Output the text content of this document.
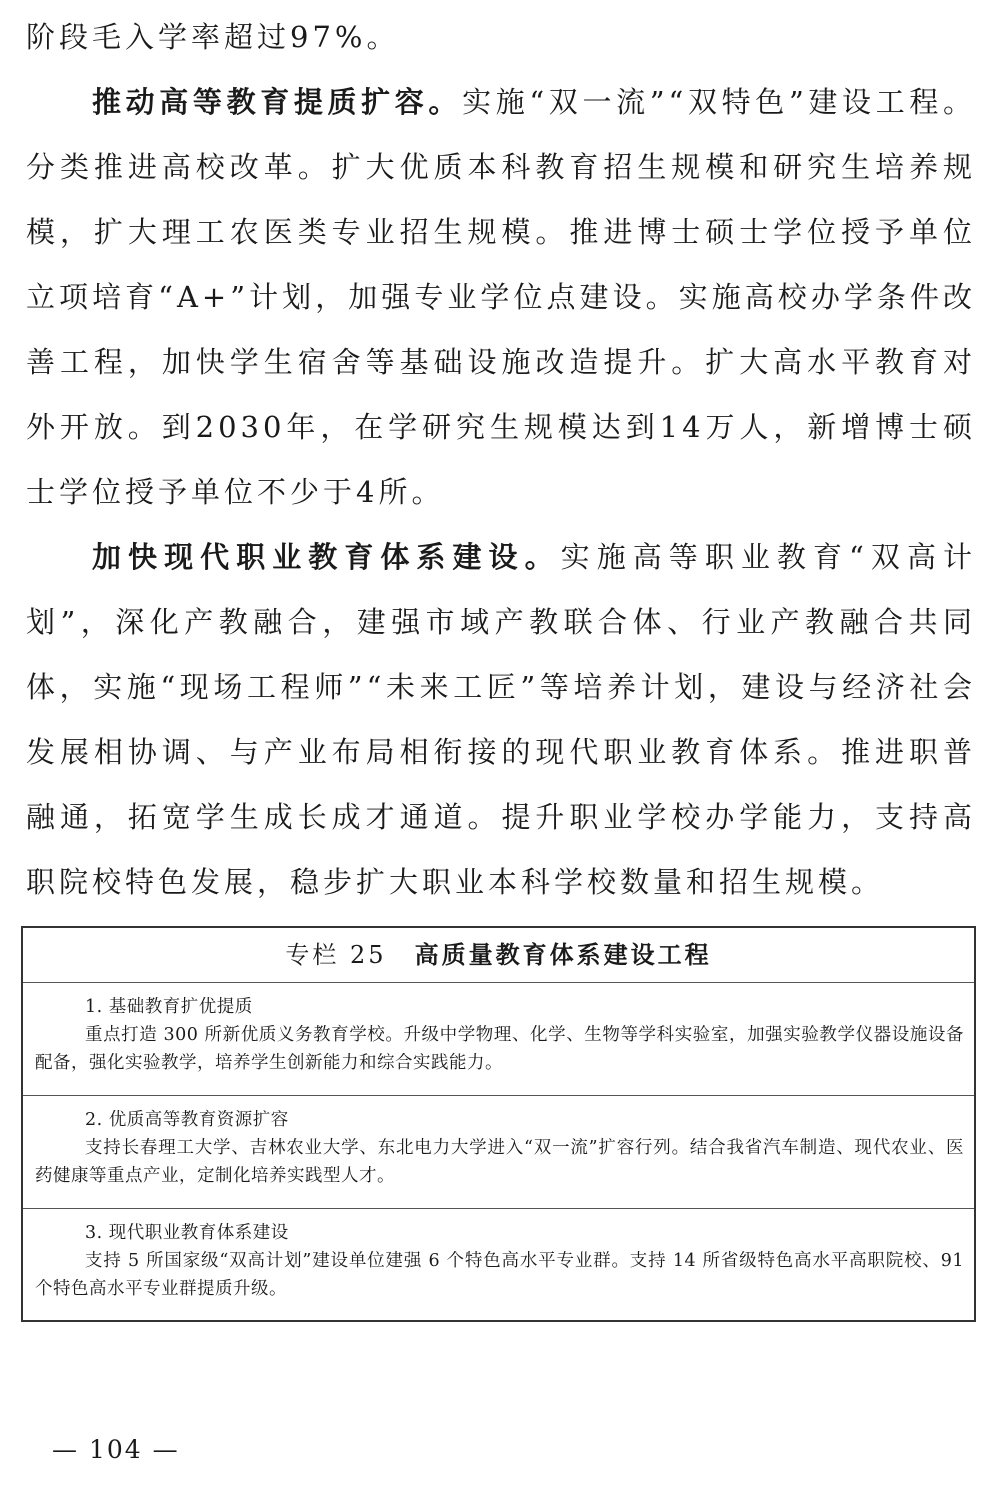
阶段毛入学率超过97%。

推动高等教育提质扩容。实施“双一流”“双特色”建设工程。分类推进高校改革。扩大优质本科教育招生规模和研究生培养规模，扩大理工农医类专业招生规模。推进博士硕士学位授予单位立项培育“A+”计划，加强专业学位点建设。实施高校办学条件改善工程，加快学生宿舍等基础设施改造提升。扩大高水平教育对外开放。到2030年，在学研究生规模达到14万人，新增博士硕士学位授予单位不少于4所。

加快现代职业教育体系建设。实施高等职业教育“双高计划”，深化产教融合，建强市域产教联合体、行业产教融合共同体，实施“现场工程师”“未来工匠”等培养计划，建设与经济社会发展相协调、与产业布局相衔接的现代职业教育体系。推进职普融通，拓宽学生成长成才通道。提升职业学校办学能力，支持高职院校特色发展，稳步扩大职业本科学校数量和招生规模。

专栏 25 高质量教育体系建设工程
1. 基础教育扩优提质
重点打造 300 所新优质义务教育学校。升级中学物理、化学、生物等学科实验室，加强实验教学仪器设施设备配备，强化实验教学，培养学生创新能力和综合实践能力。
2. 优质高等教育资源扩容
支持长春理工大学、吉林农业大学、东北电力大学进入“双一流”扩容行列。结合我省汽车制造、现代农业、医药健康等重点产业，定制化培养实践型人才。
3. 现代职业教育体系建设
支持 5 所国家级“双高计划”建设单位建强 6 个特色高水平专业群。支持 14 所省级特色高水平高职院校、91 个特色高水平专业群提质升级。
— 104 —
